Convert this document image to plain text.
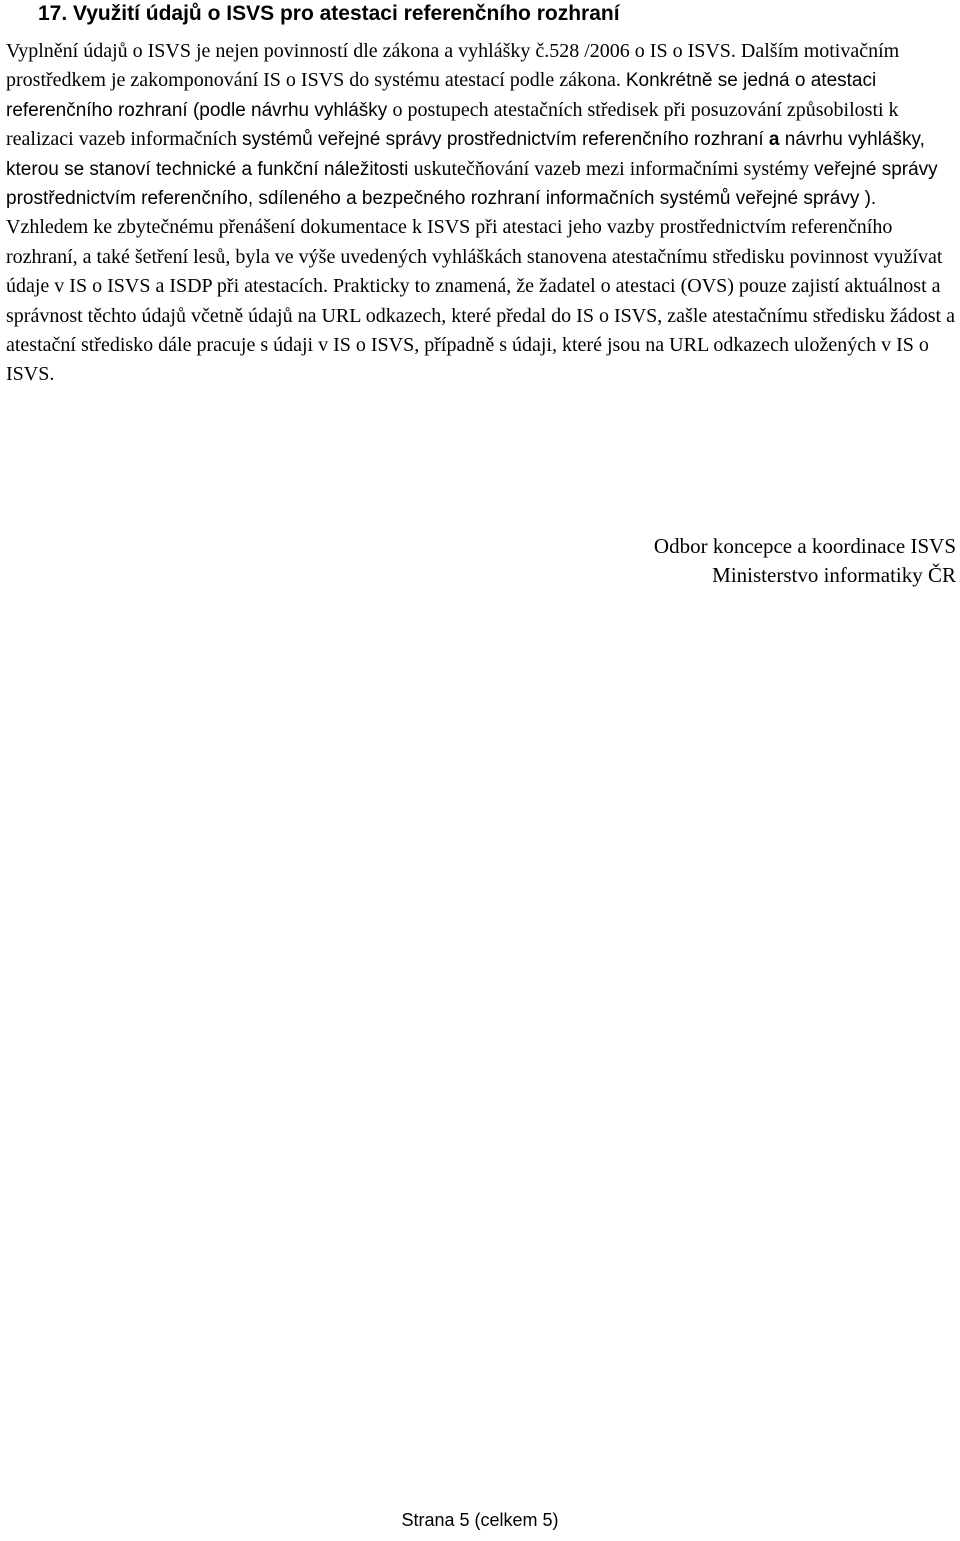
17. Využití údajů o ISVS pro atestaci referenčního rozhraní

Vyplnění údajů o ISVS je nejen povinností dle zákona a vyhlášky č.528 /2006 o IS o ISVS. Dalším motivačním prostředkem je zakomponování IS o ISVS do systému atestací podle zákona. Konkrétně se jedná o atestaci referenčního rozhraní (podle návrhu vyhlášky o postupech atestačních středisek při posuzování způsobilosti k realizaci vazeb informačních systémů veřejné správy prostřednictvím referenčního rozhraní a návrhu vyhlášky, kterou se stanoví technické a funkční náležitosti uskutečňování vazeb mezi informačními systémy veřejné správy prostřednictvím referenčního, sdíleného a bezpečného rozhraní informačních systémů veřejné správy ). Vzhledem ke zbytečnému přenášení dokumentace k ISVS při atestaci jeho vazby prostřednictvím referenčního rozhraní, a také šetření lesů, byla ve výše uvedených vyhláškách stanovena atestačnímu středisku povinnost využívat údaje v IS o ISVS a ISDP při atestacích. Prakticky to znamená, že žadatel o atestaci (OVS) pouze zajistí aktuálnost a správnost těchto údajů včetně údajů na URL odkazech, které předal do IS o ISVS, zašle atestačnímu středisku žádost a atestační středisko dále pracuje s údaji v IS o ISVS, případně s údaji, které jsou na URL odkazech uložených v IS o ISVS.

Odbor koncepce a koordinace ISVS
Ministerstvo informatiky ČR
Strana 5 (celkem 5)
